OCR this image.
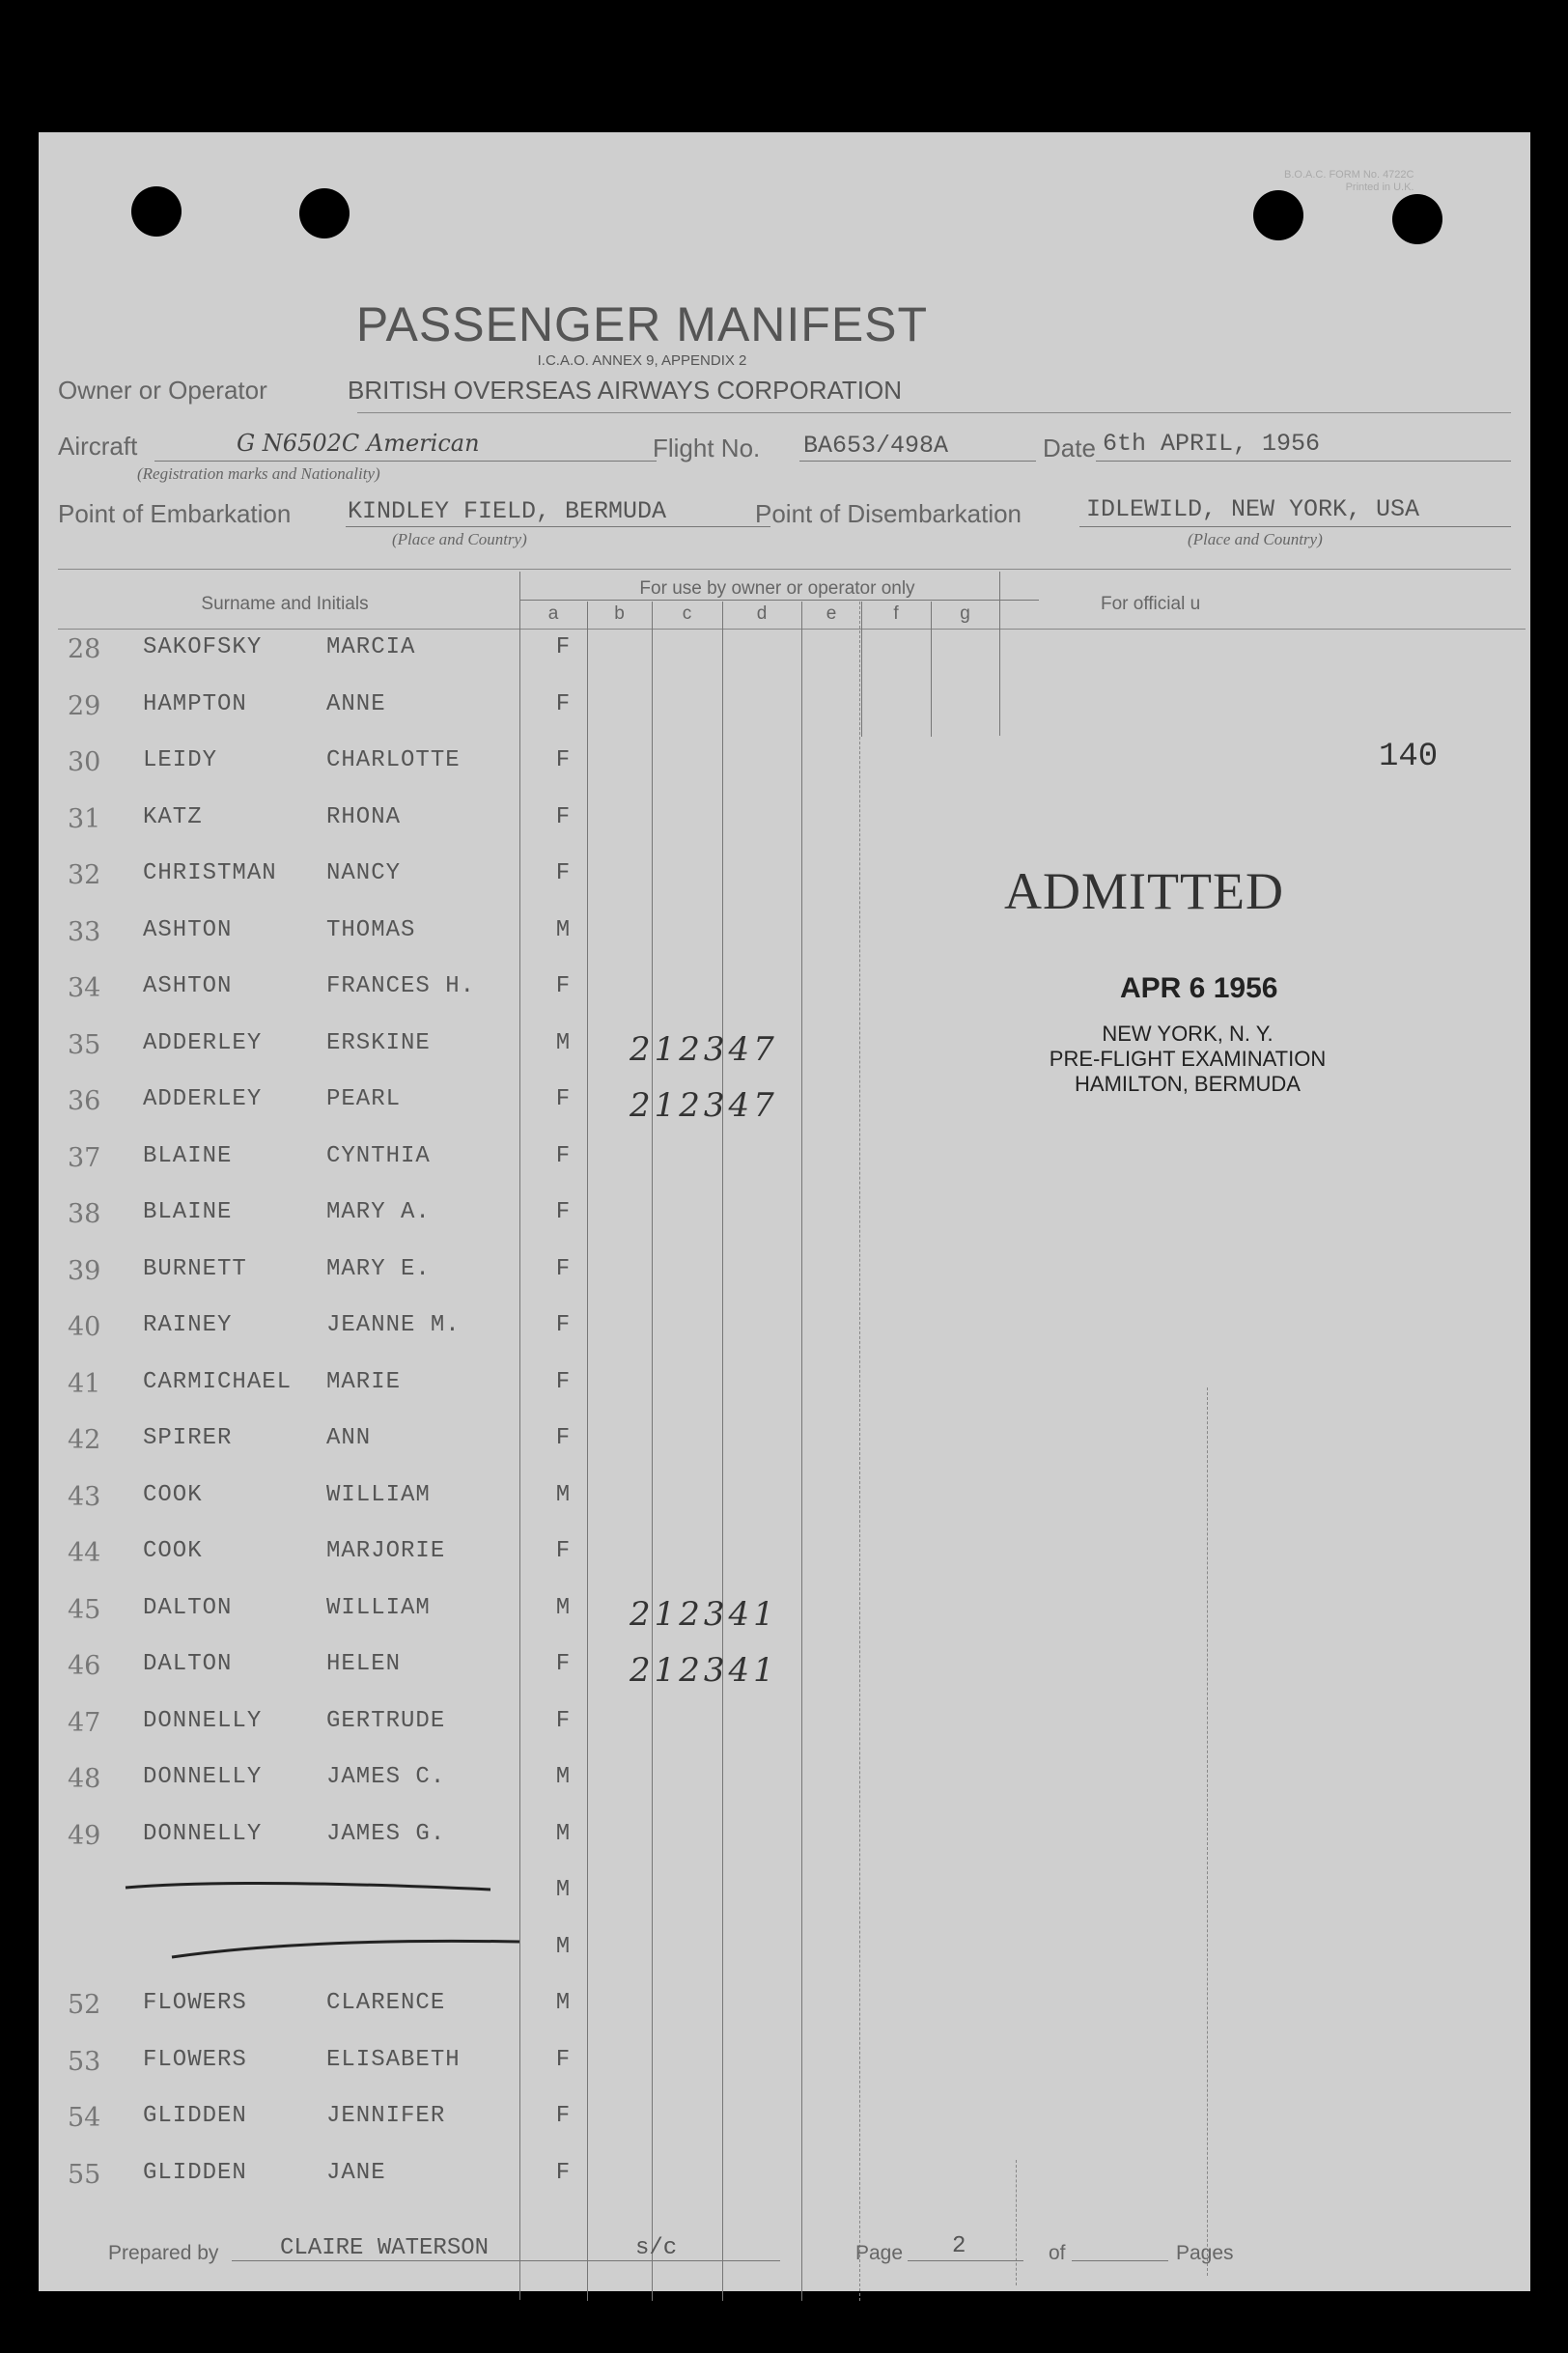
B.O.A.C. FORM No. 4722C
Printed in U.K.
PASSENGER MANIFEST
I.C.A.O. ANNEX 9, APPENDIX 2
Owner or Operator	BRITISH OVERSEAS AIRWAYS CORPORATION
Aircraft	G N6502C American
(Registration marks and Nationality)
Flight No. BA653/498A	Date 6th APRIL, 1956
Point of Embarkation KINDLEY FIELD, BERMUDA
(Place and Country)
Point of Disembarkation	IDLEWILD, NEW YORK, USA
(Place and Country)
Surname and Initials
For use by owner or operator only
For official u
a	b	c	d	e	f	g
28 SAKOFSKY	MARCIA	F
29 HAMPTON	ANNE	F
30 LEIDY	CHARLOTTE	F
31 KATZ	RHONA	F
32 CHRISTMAN NANCY	F
33 ASHTON	THOMAS	M
34 ASHTON	FRANCES H.	F
35 ADDERLEY	ERSKINE	M 212347
36 ADDERLEY	PEARL	F 212347
37 BLAINE	CYNTHIA	F
38 BLAINE	MARY A.	F
39 BURNETT	MARY E.	F
40 RAINEY	JEANNE M.	F
41 CARMICHAEL MARIE	F
42 SPIRER	ANN	F
43 COOK	WILLIAM	M
44 COOK	MARJORIE	F
45 DALTON	WILLIAM	M 212341
46 DALTON	HELEN	F 212341
47 DONNELLY	GERTRUDE	F
48 DONNELLY	JAMES C.	M
49 DONNELLY	JAMES G.	M
M
M
52 FLOWERS	CLARENCE	M
53 FLOWERS	ELISABETH	F
54 GLIDDEN	JENNIFER	F
55 GLIDDEN	JANE	F
140
ADMITTED
APR 6 1956
NEW YORK, N. Y.
PRE-FLIGHT EXAMINATION
HAMILTON, BERMUDA
Prepared by	CLAIRE WATERSON	s/c	Page 2	of	Pages
